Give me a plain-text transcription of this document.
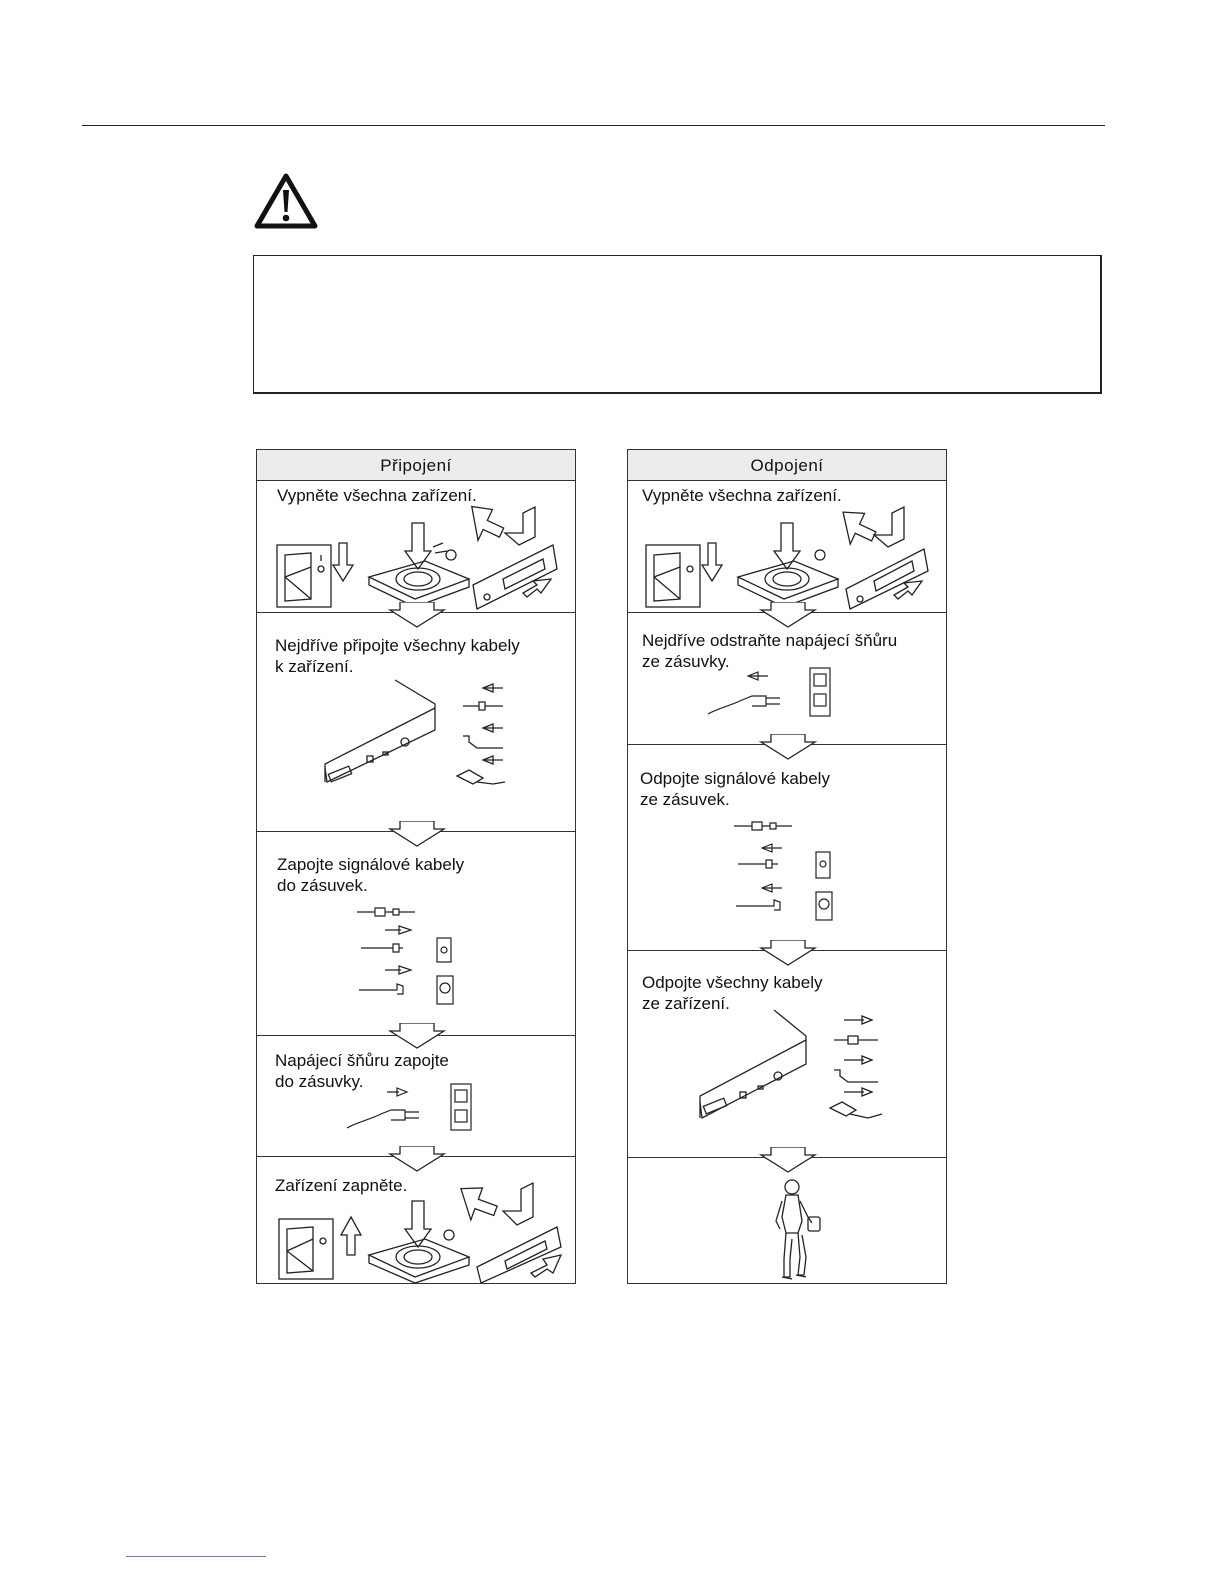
Připojení
Vypněte všechna zařízení.
Nejdříve připojte všechny kabely
k zařízení.
Zapojte signálové kabely
do zásuvek.
Napájecí šňůru zapojte
do zásuvky.
Zařízení zapněte.
Odpojení
Vypněte všechna zařízení.
Nejdříve odstraňte napájecí šňůru
ze zásuvky.
Odpojte signálové kabely
ze zásuvek.
Odpojte všechny kabely
ze zařízení.
